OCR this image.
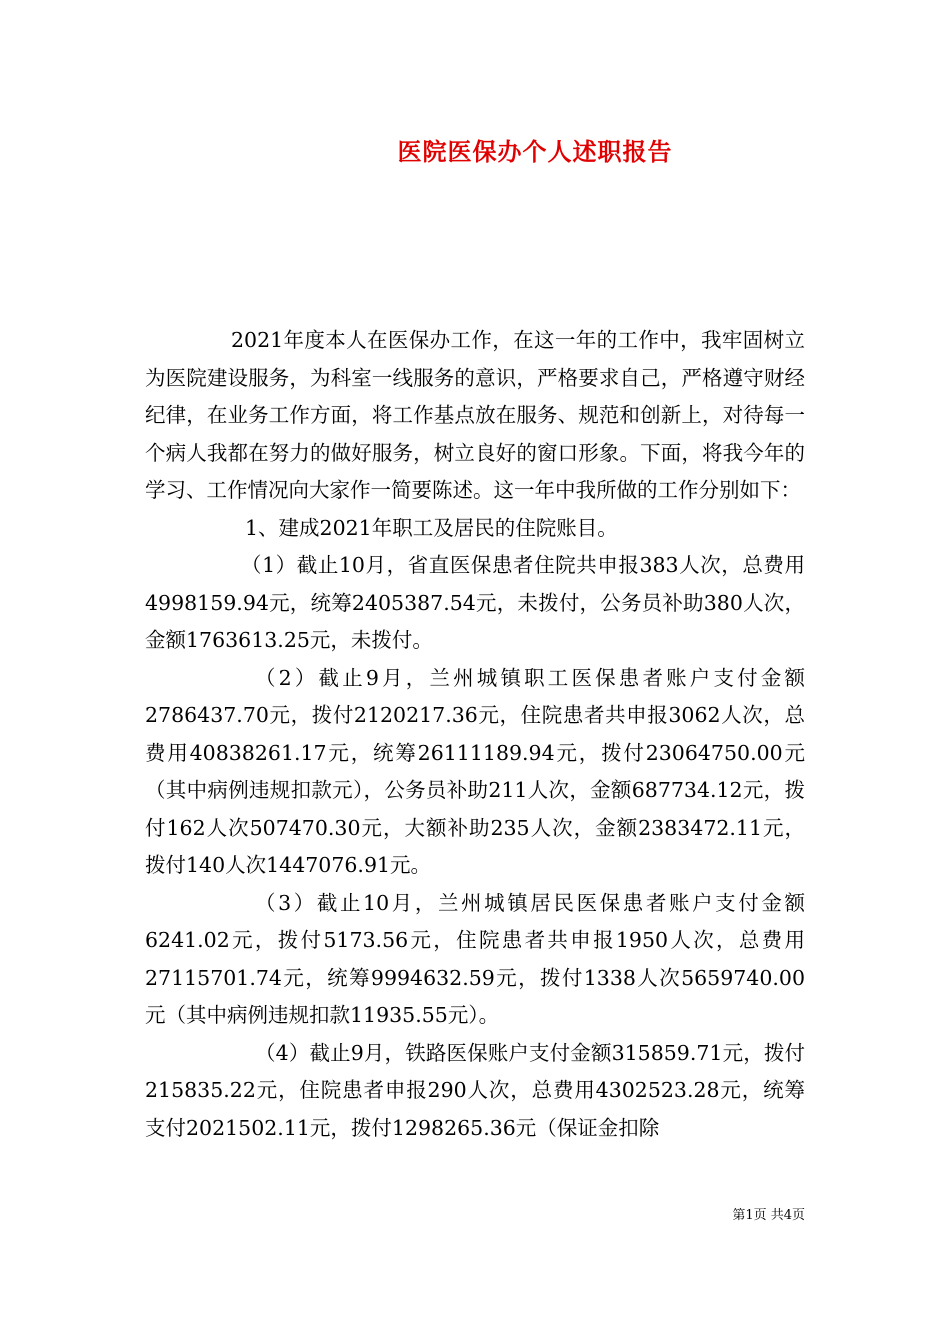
医院医保办个人述职报告

2021年度本人在医保办工作，在这一年的工作中，我牢固树立为医院建设服务，为科室一线服务的意识，严格要求自己，严格遵守财经纪律，在业务工作方面，将工作基点放在服务、规范和创新上，对待每一个病人我都在努力的做好服务，树立良好的窗口形象。下面，将我今年的学习、工作情况向大家作一简要陈述。这一年中我所做的工作分别如下：

1、建成2021年职工及居民的住院账目。

（1）截止10月，省直医保患者住院共申报383人次，总费用4998159.94元，统筹2405387.54元，未拨付，公务员补助380人次，金额1763613.25元，未拨付。

（2）截止9月，兰州城镇职工医保患者账户支付金额2786437.70元，拨付2120217.36元，住院患者共申报3062人次，总费用40838261.17元，统筹26111189.94元，拨付23064750.00元（其中病例违规扣款元），公务员补助211人次，金额687734.12元，拨付162人次507470.30元，大额补助235人次，金额2383472.11元，拨付140人次1447076.91元。

（3）截止10月，兰州城镇居民医保患者账户支付金额6241.02元，拨付5173.56元，住院患者共申报1950人次，总费用27115701.74元，统筹9994632.59元，拨付1338人次5659740.00元（其中病例违规扣款11935.55元）。

（4）截止9月，铁路医保账户支付金额315859.71元，拨付215835.22元，住院患者申报290人次，总费用4302523.28元，统筹支付2021502.11元，拨付1298265.36元（保证金扣除

第1页 共4页
